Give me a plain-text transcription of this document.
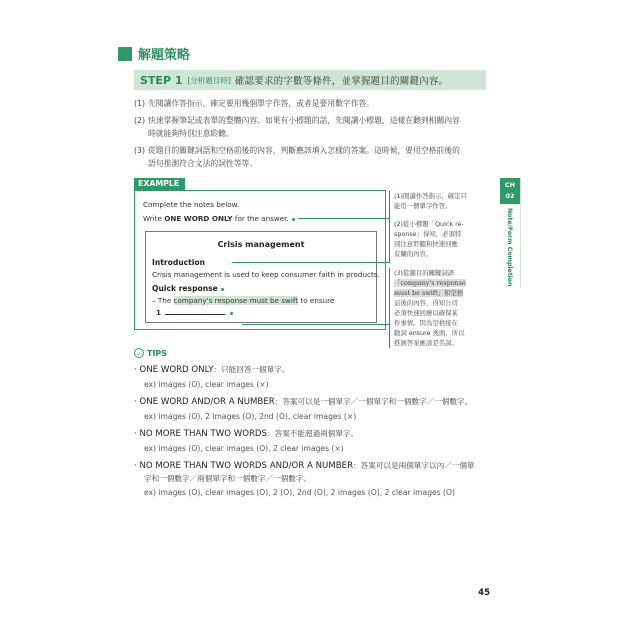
解題策略
STEP 1 [分析題目時] 確認要求的字數等條件，並掌握題目的關鍵內容。
(1) 先閱讀作答指示，確定要用幾個單字作答，或者是要用數字作答。
(2) 快速掌握筆記或表單的整體內容。如果有小標題的話，先閱讀小標題，這樣在聽到相關內容
時就能夠特別注意聆聽。
(3) 從題目的關鍵詞語和空格前後的內容，判斷應該填入怎樣的答案。這時候，要用空格前後的
語句推測符合文法的詞性等等。
EXAMPLE
Complete the notes below.
Write ONE WORD ONLY for the answer.
Crisis management
Introduction
Crisis management is used to keep consumer faith in products.
Quick response
– The company's response must be swift to ensure
1	.
(1)閱讀作答指示，確定只
能用一個單字作答。
(2)從小標題「Quick re-
sponse」得知，必須特
別注意聆聽和快速回應
有關的內容。
(3)從題目的關鍵詞語
「company's response
must be swift」和空格
前後的內容，得知公司
必須快速回應以確保某
件事情。因為空格接在
動詞 ensure 後面，所以
推測答案應該是名詞。
✓ TIPS
· ONE WORD ONLY：只能回答一個單字。
ex) images (O), clear images (×)
· ONE WORD AND/OR A NUMBER：答案可以是一個單字／一個單字和一個數字／一個數字。
ex) images (O), 2 images (O), 2nd (O), clear images (×)
· NO MORE THAN TWO WORDS：答案不能超過兩個單字。
ex) images (O), clear images (O), 2 clear images (×)
· NO MORE THAN TWO WORDS AND/OR A NUMBER：答案可以是兩個單字以內／一個單
字和一個數字／兩個單字和一個數字／一個數字。
ex) images (O), clear images (O), 2 (O), 2nd (O), 2 images (O), 2 clear images (O)
CH
02
Note/Form Completion
45
